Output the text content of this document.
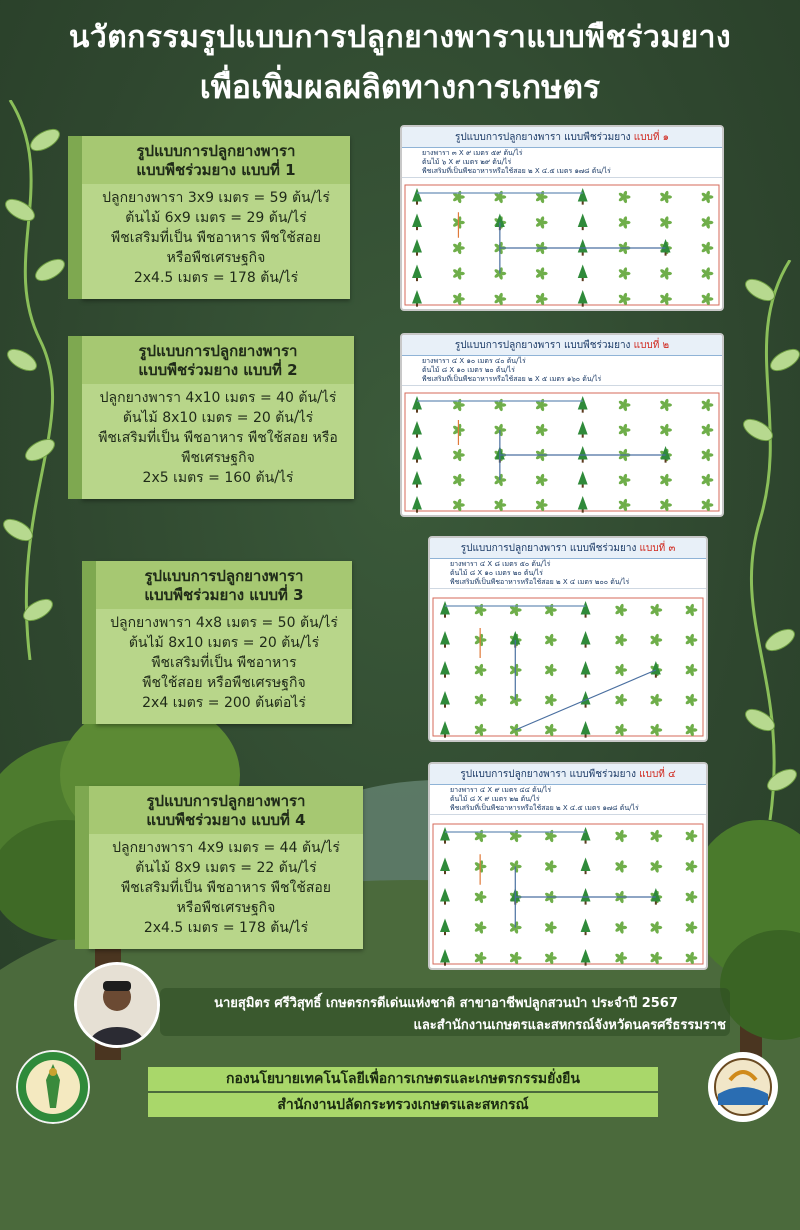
นวัตกรรมรูปแบบการปลูกยางพาราแบบพืชร่วมยาง
เพื่อเพิ่มผลผลิตทางการเกษตร
รูปแบบการปลูกยางพารา
แบบพืชร่วมยาง แบบที่ 1
ปลูกยางพารา 3x9 เมตร = 59 ต้น/ไร่
ต้นไม้ 6x9 เมตร = 29 ต้น/ไร่
พืชเสริมที่เป็น พืชอาหาร พืชใช้สอย
หรือพืชเศรษฐกิจ
2x4.5 เมตร = 178 ต้น/ไร่
รูปแบบการปลูกยางพารา
แบบพืชร่วมยาง แบบที่ 2
ปลูกยางพารา 4x10 เมตร = 40 ต้น/ไร่
ต้นไม้ 8x10 เมตร = 20 ต้น/ไร่
พืชเสริมที่เป็น พืชอาหาร พืชใช้สอย หรือ
พืชเศรษฐกิจ
2x5 เมตร = 160 ต้น/ไร่
รูปแบบการปลูกยางพารา
แบบพืชร่วมยาง แบบที่ 3
ปลูกยางพารา 4x8 เมตร = 50 ต้น/ไร่
ต้นไม้ 8x10 เมตร = 20 ต้น/ไร่
พืชเสริมที่เป็น พืชอาหาร
พืชใช้สอย หรือพืชเศรษฐกิจ
2x4 เมตร = 200 ต้นต่อไร่
รูปแบบการปลูกยางพารา
แบบพืชร่วมยาง แบบที่ 4
ปลูกยางพารา 4x9 เมตร = 44 ต้น/ไร่
ต้นไม้ 8x9 เมตร = 22 ต้น/ไร่
พืชเสริมที่เป็น พืชอาหาร พืชใช้สอย
หรือพืชเศรษฐกิจ
2x4.5 เมตร = 178 ต้น/ไร่
รูปแบบการปลูกยางพารา แบบพืชร่วมยาง แบบที่ ๑
ยางพารา ๓ X ๙ เมตร ๕๙ ต้น/ไร่
ต้นไม้ ๖ X ๙ เมตร ๒๙ ต้น/ไร่
พืชเสริมที่เป็นพืชอาหารหรือใช้สอย ๒ X ๔.๕ เมตร ๑๗๘ ต้น/ไร่
รูปแบบการปลูกยางพารา แบบพืชร่วมยาง แบบที่ ๒
ยางพารา ๔ X ๑๐ เมตร ๔๐ ต้น/ไร่
ต้นไม้ ๘ X ๑๐ เมตร ๒๐ ต้น/ไร่
พืชเสริมที่เป็นพืชอาหารหรือใช้สอย ๒ X ๕ เมตร ๑๖๐ ต้น/ไร่
รูปแบบการปลูกยางพารา แบบพืชร่วมยาง แบบที่ ๓
ยางพารา ๔ X ๘ เมตร ๕๐ ต้น/ไร่
ต้นไม้ ๘ X ๑๐ เมตร ๒๐ ต้น/ไร่
พืชเสริมที่เป็นพืชอาหารหรือใช้สอย ๒ X ๔ เมตร ๒๐๐ ต้น/ไร่
รูปแบบการปลูกยางพารา แบบพืชร่วมยาง แบบที่ ๔
ยางพารา ๔ X ๙ เมตร ๔๔ ต้น/ไร่
ต้นไม้ ๘ X ๙ เมตร ๒๒ ต้น/ไร่
พืชเสริมที่เป็นพืชอาหารหรือใช้สอย ๒ X ๔.๕ เมตร ๑๗๘ ต้น/ไร่
นายสุมิตร ศรีวิสุทธิ์ เกษตรกรดีเด่นแห่งชาติ สาขาอาชีพปลูกสวนป่า ประจำปี 2567
และสำนักงานเกษตรและสหกรณ์จังหวัดนครศรีธรรมราช
กองนโยบายเทคโนโลยีเพื่อการเกษตรและเกษตรกรรมยั่งยืน
สำนักงานปลัดกระทรวงเกษตรและสหกรณ์
